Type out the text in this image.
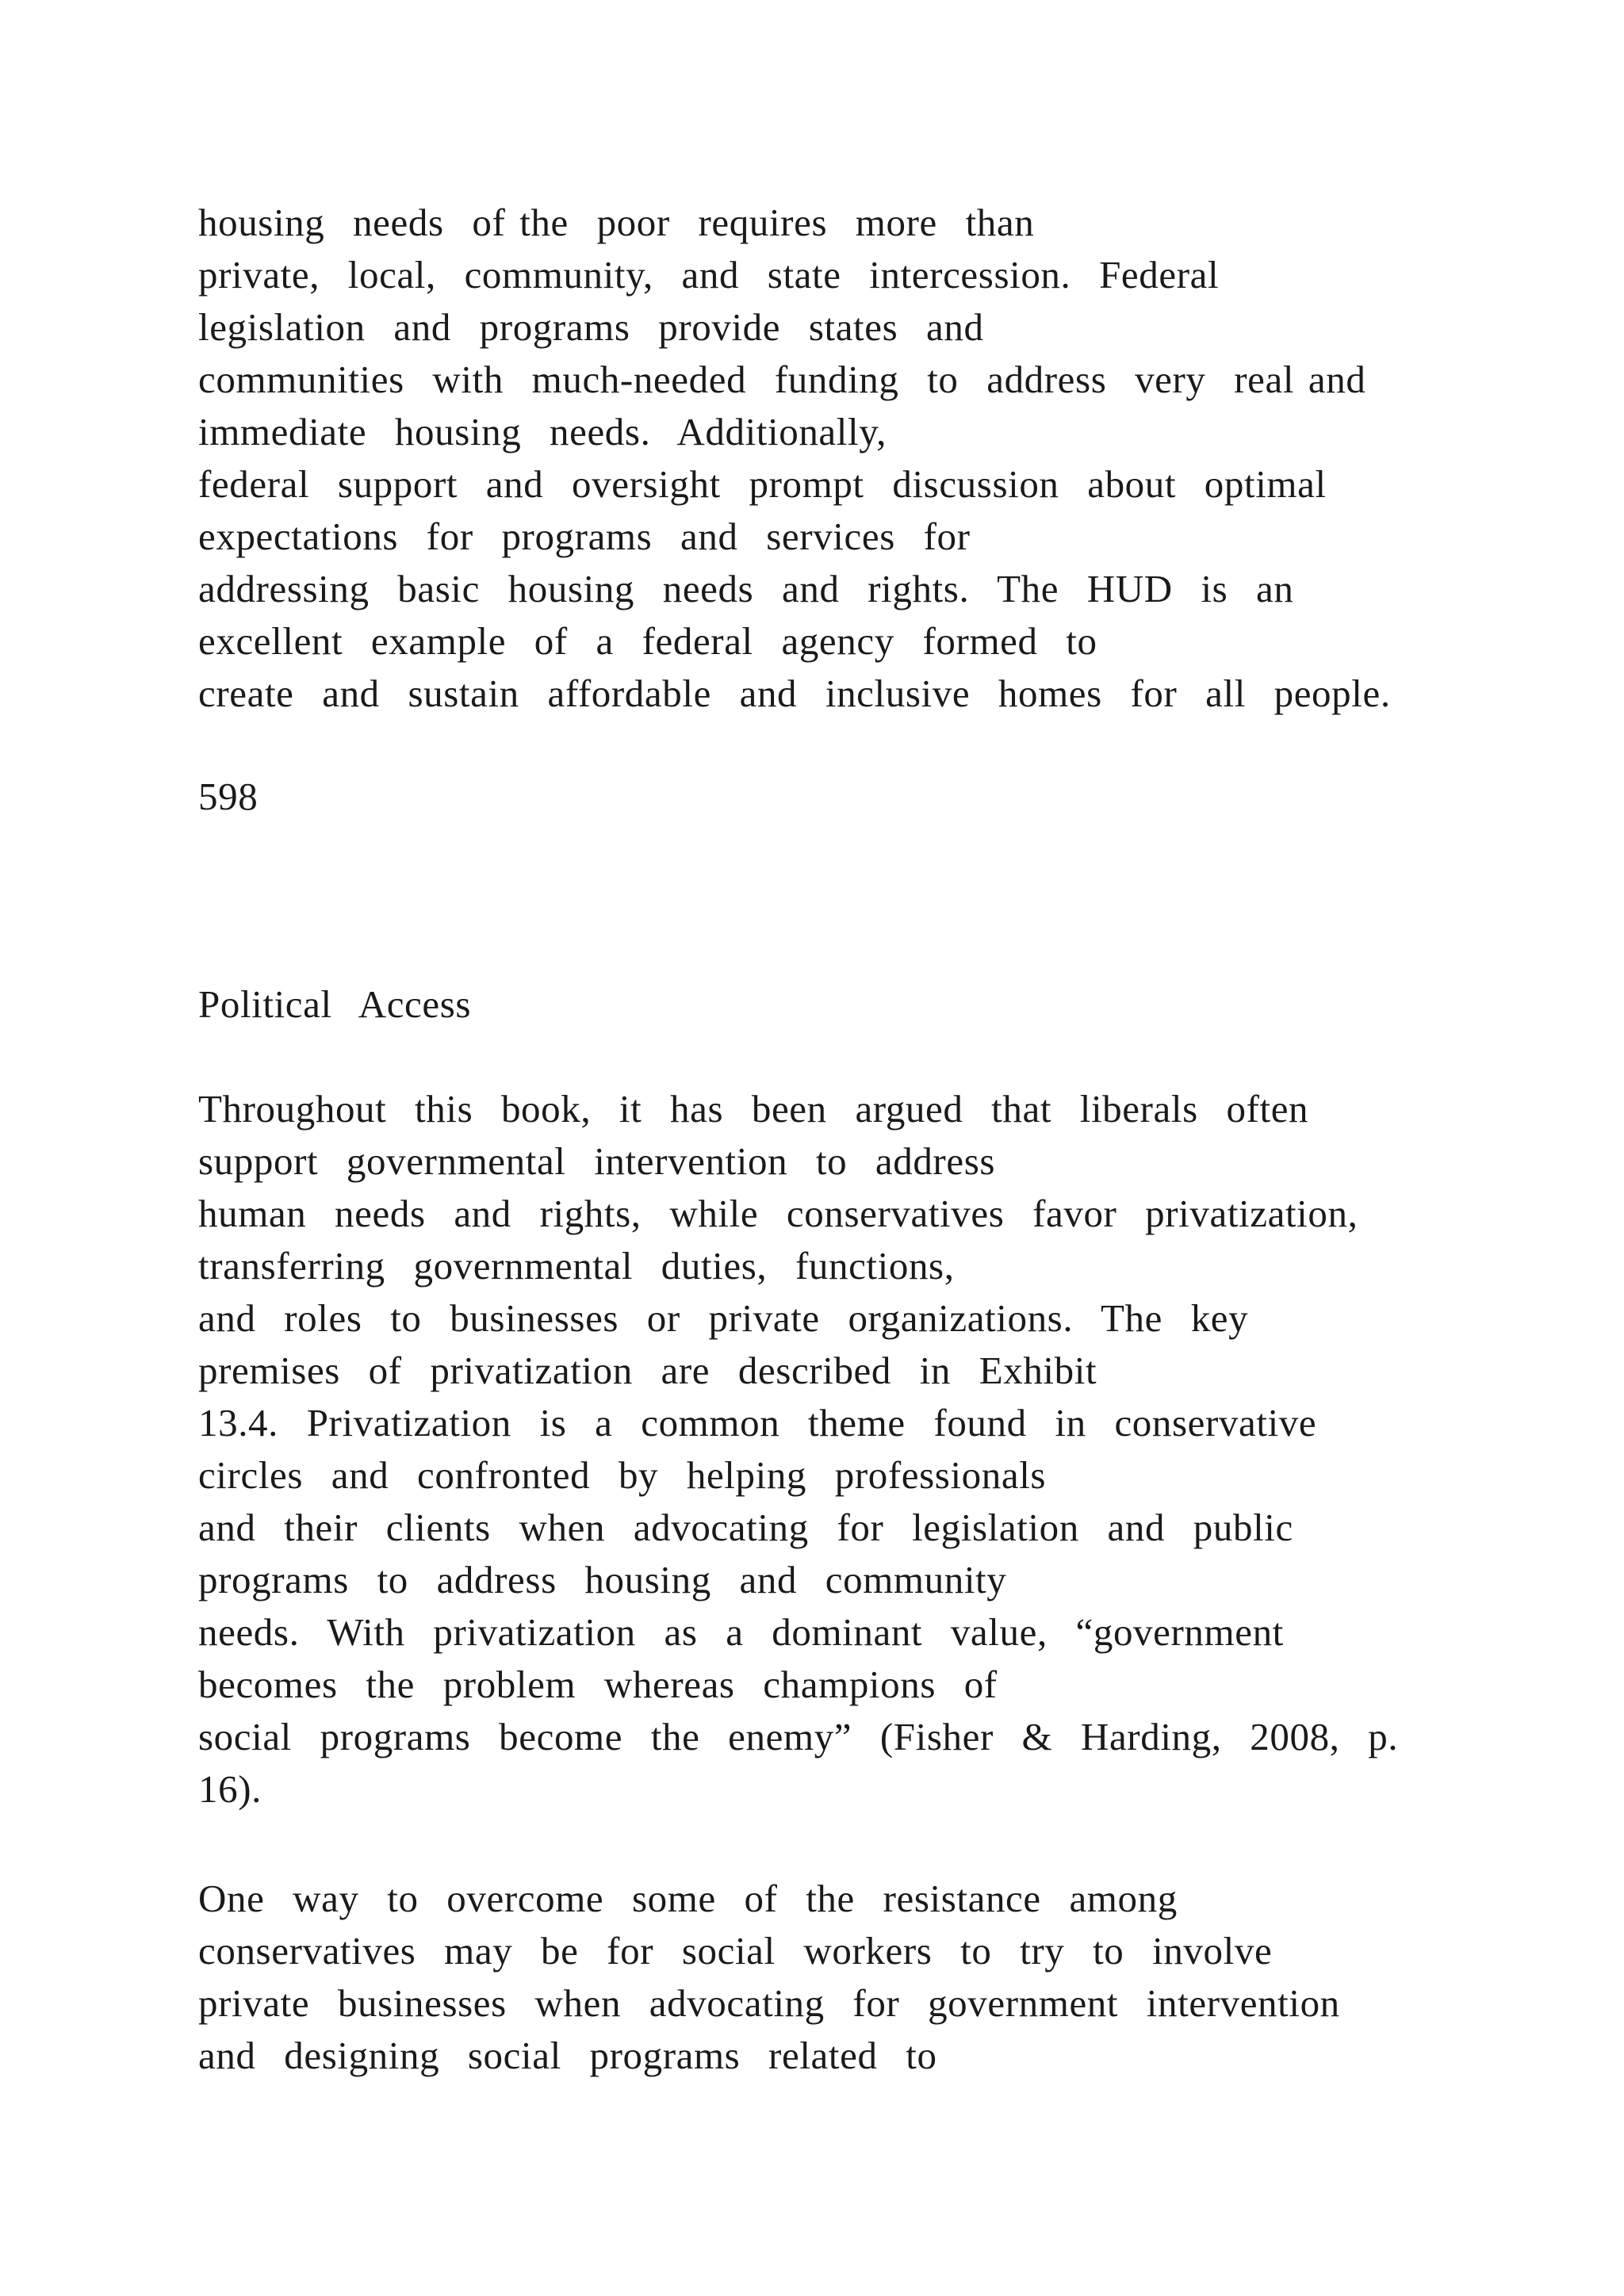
housing  needs  of the  poor  requires  more  than
private,  local,  community,  and  state  intercession.  Federal
legislation  and  programs  provide  states  and
communities  with  much-needed  funding  to  address  very  real and
immediate  housing  needs.  Additionally,
federal  support  and  oversight  prompt  discussion  about  optimal
expectations  for  programs  and  services  for
addressing  basic  housing  needs  and  rights.  The  HUD  is  an
excellent  example  of  a  federal  agency  formed  to
create  and  sustain  affordable  and  inclusive  homes  for  all  people.
598
Political  Access
Throughout  this  book,  it  has  been  argued  that  liberals  often
support  governmental  intervention  to  address
human  needs  and  rights,  while  conservatives  favor  privatization,
transferring  governmental  duties,  functions,
and  roles  to  businesses  or  private  organizations.  The  key
premises  of  privatization  are  described  in  Exhibit
13.4.  Privatization  is  a  common  theme  found  in  conservative
circles  and  confronted  by  helping  professionals
and  their  clients  when  advocating  for  legislation  and  public
programs  to  address  housing  and  community
needs.  With  privatization  as  a  dominant  value,  “government
becomes  the  problem  whereas  champions  of
social  programs  become  the  enemy”  (Fisher  &  Harding,  2008,  p.
16).
One  way  to  overcome  some  of  the  resistance  among
conservatives  may  be  for  social  workers  to  try  to  involve
private  businesses  when  advocating  for  government  intervention
and  designing  social  programs  related  to
